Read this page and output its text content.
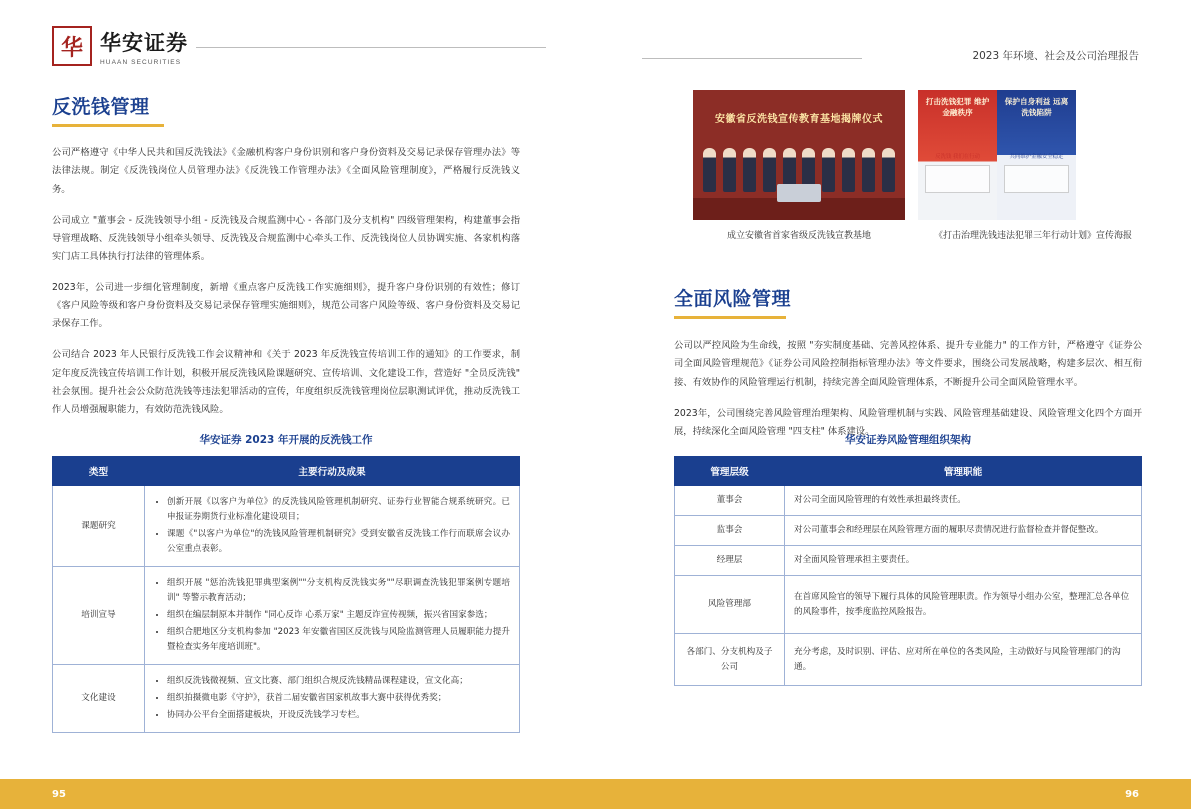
华 华安证券
HUAAN SECURITIES
反洗钱管理

公司严格遵守《中华人民共和国反洗钱法》《金融机构客户身份识别和客户身份资料及交易记录保存管理办法》等法律法规。制定《反洗钱岗位人员管理办法》《反洗钱工作管理办法》《全面风险管理制度》，严格履行反洗钱义务。

公司成立 "董事会 - 反洗钱领导小组 - 反洗钱及合规监测中心 - 各部门及分支机构" 四级管理架构，构建董事会指导管理战略、反洗钱领导小组牵头领导、反洗钱及合规监测中心牵头工作、反洗钱岗位人员协调实施、各家机构落实门店工具体执行打法律的管理体系。

2023年，公司进一步细化管理制度，新增《重点客户反洗钱工作实施细则》，提升客户身份识别的有效性；修订《客户风险等级和客户身份资料及交易记录保存管理实施细则》，规范公司客户风险等级、客户身份资料及交易记录保存工作。

公司结合 2023 年人民银行反洗钱工作会议精神和《关于 2023 年反洗钱宣传培训工作的通知》的工作要求，制定年度反洗钱宣传培训工作计划，积极开展反洗钱风险课题研究、宣传培训、文化建设工作，营造好 "全员反洗钱" 社会氛围。提升社会公众防范洗钱等违法犯罪活动的宣传，年度组织反洗钱管理岗位层职测试评优，推动反洗钱工作人员增强履职能力，有效防范洗钱风险。

华安证券 2023 年开展的反洗钱工作
类型	主要行动及成果
课题研究	
• 创新开展《以客户为单位》的反洗钱风险管理机制研究、证券行业智能合规系统研究。已申报证券期货行业标准化建设项目；
• 课题《"以客户为单位"的洗钱风险管理机制研究》受到安徽省反洗钱工作行而联席会议办公室重点表彰。

培训宣导	
• 组织开展 "惩治洗钱犯罪典型案例""分支机构反洗钱实务""尽职调查洗钱犯罪案例专题培训" 等警示教育活动；
• 组织在编层制原本并制作 "同心反诈 心系万家" 主题反诈宣传视频，振兴省国家参选；
• 组织合肥地区分支机构参加 "2023 年安徽省国区反洗钱与风险监测管理人员履职能力提升暨检查实务年度培训班"。

文化建设	
• 组织反洗钱微视频、宣文比赛、部门组织合规反洗钱精品课程建设，宣文化高；
• 组织拍摄微电影《守护》，获首二届安徽省国家机故事大赛中获得优秀奖；
• 协同办公平台全面搭建板块，开设反洗钱学习专栏。
2023 年环境、社会及公司治理报告
安徽省反洗钱宣传教育基地揭牌仪式
打击洗钱犯罪 维护金融秩序
反洗钱 我们在行动
保护自身利益 远离洗钱陷阱
共同维护金融安全稳定
成立安徽省首家省级反洗钱宣教基地	《打击治理洗钱违法犯罪三年行动计划》宣传海报
全面风险管理

公司以严控风险为生命线，按照 "夯实制度基础、完善风控体系、提升专业能力" 的工作方针，严格遵守《证券公司全面风险管理规范》《证券公司风险控制指标管理办法》等文件要求，围绕公司发展战略，构建多层次、相互衔接、有效协作的风险管理运行机制，持续完善全面风险管理体系，不断提升公司全面风险管理水平。

2023年，公司围绕完善风险管理治理架构、风险管理机制与实践、风险管理基础建设、风险管理文化四个方面开展，持续深化全面风险管理 "四支柱" 体系建设。

华安证券风险管理组织架构
管理层级	管理职能
董事会	对公司全面风险管理的有效性承担最终责任。
监事会	对公司董事会和经理层在风险管理方面的履职尽责情况进行监督检查并督促整改。
经理层	对全面风险管理承担主要责任。
风险管理部	在首席风险官的领导下履行具体的风险管理职责。作为领导小组办公室，整理汇总各单位的风险事件，按季度监控风险报告。
各部门、分支机构及子公司	充分考虑，及时识别、评估、应对所在单位的各类风险，主动做好与风险管理部门的沟通。
95	96
